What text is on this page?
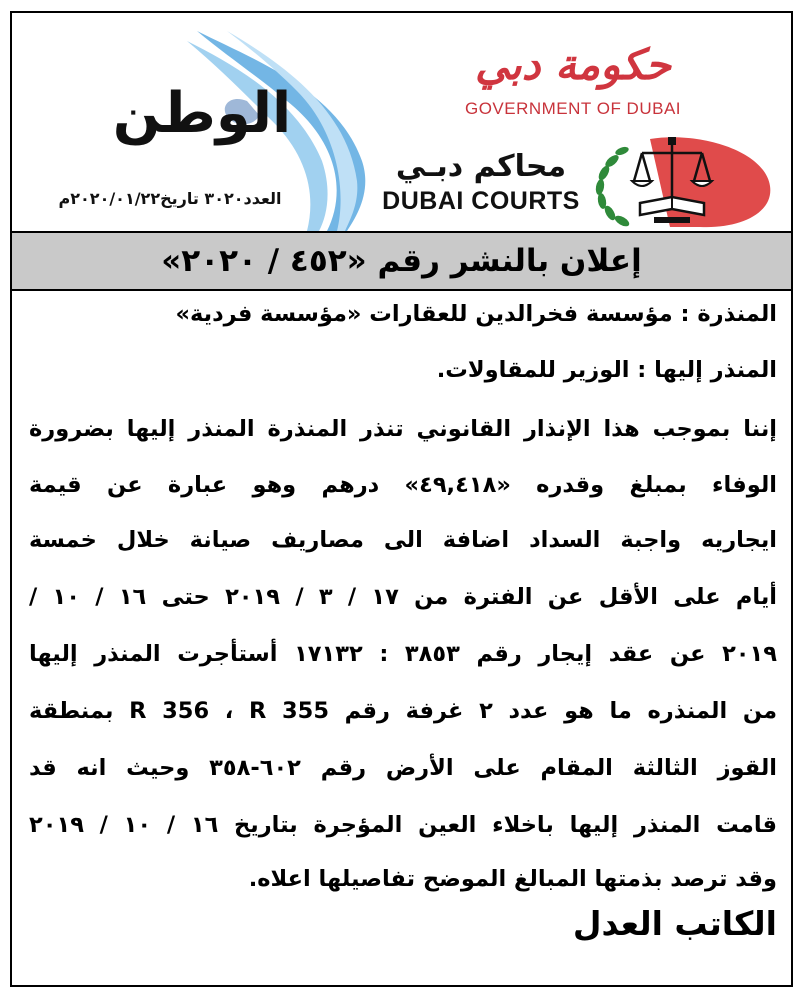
الوطن
العدد٣٠٢٠ تاريخ٢٠٢٠/٠١/٢٢م
حكومة دبي
GOVERNMENT OF DUBAI
محاكم دبـي
DUBAI COURTS
إعلان بالنشر رقم «٤٥٢ / ٢٠٢٠»
المنذرة : مؤسسة فخرالدين للعقارات «مؤسسة فردية»
المنذر إليها : الوزير للمقاولات.
إننا بموجب هذا الإنذار القانوني تنذر المنذرة المنذر إليها بضرورة
الوفاء بمبلغ وقدره «٤٩,٤١٨» درهم وهو عبارة عن قيمة
ايجاريه واجبة السداد اضافة الى مصاريف صيانة خلال خمسة
أيام على الأقل عن الفترة من ١٧ / ٣ / ٢٠١٩ حتى ١٦ / ١٠ /
٢٠١٩ عن عقد إيجار رقم ٣٨٥٣ : ١٧١٣٢ أستأجرت المنذر إليها
من المنذره ما هو عدد ٢ غرفة رقم R 356 ، R 355 بمنطقة
القوز الثالثة المقام على الأرض رقم ٦٠٢-٣٥٨ وحيث انه قد
قامت المنذر إليها باخلاء العين المؤجرة بتاريخ ١٦ / ١٠ / ٢٠١٩
وقد ترصد بذمتها المبالغ الموضح تفاصيلها اعلاه.
الكاتب العدل
